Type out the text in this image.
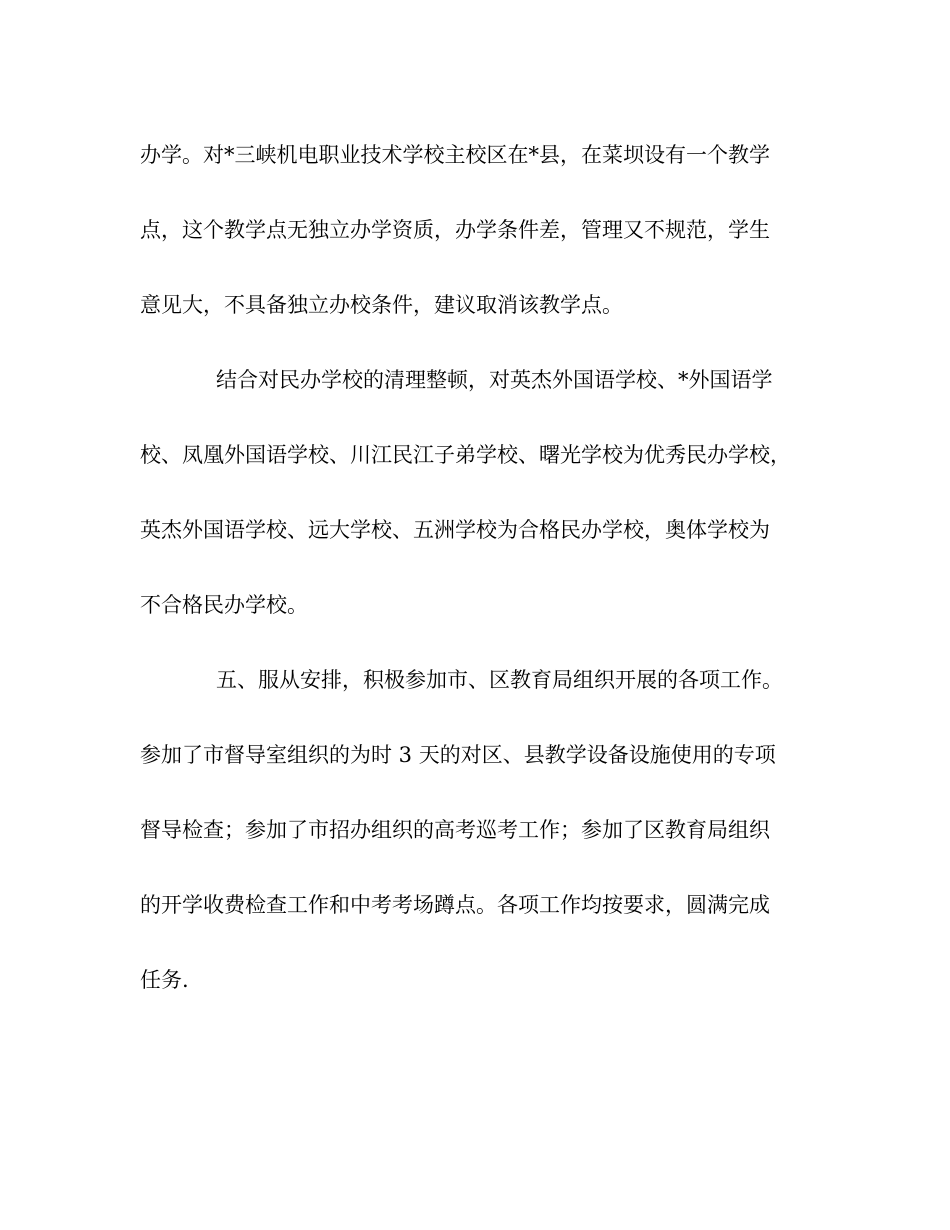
办学。对*三峡机电职业技术学校主校区在*县，在菜坝设有一个教学
点，这个教学点无独立办学资质，办学条件差，管理又不规范，学生
意见大，不具备独立办校条件，建议取消该教学点。
结合对民办学校的清理整顿，对英杰外国语学校、*外国语学
校、凤凰外国语学校、川江民江子弟学校、曙光学校为优秀民办学校，
英杰外国语学校、远大学校、五洲学校为合格民办学校，奥体学校为
不合格民办学校。
五、服从安排，积极参加市、区教育局组织开展的各项工作。
参加了市督导室组织的为时 3 天的对区、县教学设备设施使用的专项
督导检查；参加了市招办组织的高考巡考工作；参加了区教育局组织
的开学收费检查工作和中考考场蹲点。各项工作均按要求，圆满完成
任务.
